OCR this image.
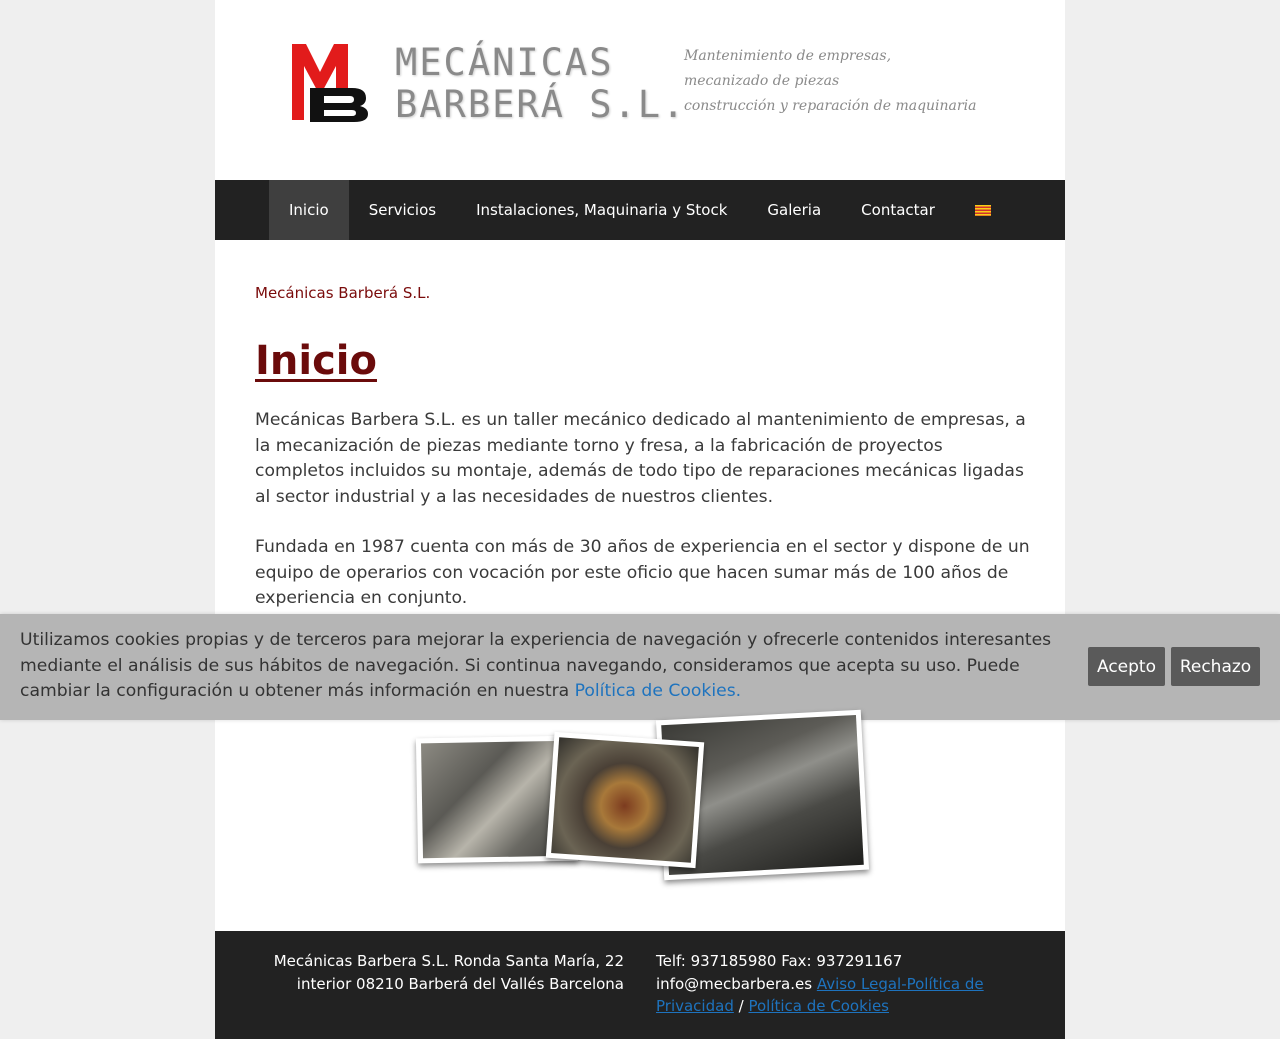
MECÁNICAS
BARBERÁ S.L.
Mantenimiento de empresas,
mecanizado de piezas
construcción y reparación de maquinaria
Inicio	Servicios	Instalaciones, Maquinaria y Stock	Galeria	Contactar
Mecánicas Barberá S.L.
Inicio

Mecánicas Barbera S.L. es un taller mecánico dedicado al mantenimiento de empresas, a la mecanización de piezas mediante torno y fresa, a la fabricación de proyectos completos incluidos su montaje, además de todo tipo de reparaciones mecánicas ligadas al sector industrial y a las necesidades de nuestros clientes.

Fundada en 1987 cuenta con más de 30 años de experiencia en el sector y dispone de un equipo de operarios con vocación por este oficio que hacen sumar más de 100 años de experiencia en conjunto.

Mecánicas Barbera S.L. Ronda Santa María, 22
interior 08210 Barberá del Vallés Barcelona
Telf: 937185980 Fax: 937291167
info@mecbarbera.es Aviso Legal-Política de Privacidad / Política de Cookies
Utilizamos cookies propias y de terceros para mejorar la experiencia de navegación y ofrecerle contenidos interesantes mediante el análisis de sus hábitos de navegación. Si continua navegando, consideramos que acepta su uso. Puede cambiar la configuración u obtener más información en nuestra Política de Cookies.
Acepto	Rechazo
